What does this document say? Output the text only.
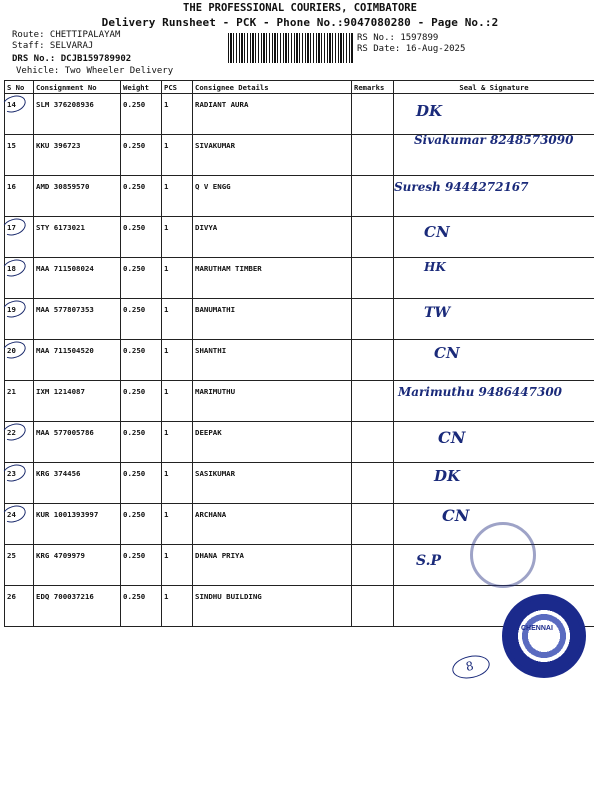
THE PROFESSIONAL COURIERS, COIMBATORE
Delivery Runsheet - PCK - Phone No.:9047080280 - Page No.:2
Route: CHETTIPALAYAM
Staff: SELVARAJ
DRS No.: DCJB159789902
Vehicle: Two Wheeler Delivery
RS No.: 1597899
RS Date: 16-Aug-2025
S No	Consignment No	Weight	PCS	Consignee Details	Remarks	Seal & Signature
14	SLM 376208936	0.250	1	RADIANT AURA		DK

15	KKU 396723	0.250	1	SIVAKUMAR		Sivakumar 8248573090

16	AMD 30859570	0.250	1	Q V ENGG		Suresh 9444272167

17	STY 6173021	0.250	1	DIVYA		CN

18	MAA 711508024	0.250	1	MARUTHAM TIMBER		HK

19	MAA 577807353	0.250	1	BANUMATHI		TW

20	MAA 711504520	0.250	1	SHANTHI		CN

21	IXM 1214087	0.250	1	MARIMUTHU		Marimuthu 9486447300

22	MAA 577005786	0.250	1	DEEPAK		CN

23	KRG 374456	0.250	1	SASIKUMAR		DK

24	KUR 1001393997	0.250	1	ARCHANA		CN

25	KRG 4709979	0.250	1	DHANA PRIYA		S.P

26	EDQ 700037216	0.250	1	SINDHU BUILDING		
CHENNAI
8
